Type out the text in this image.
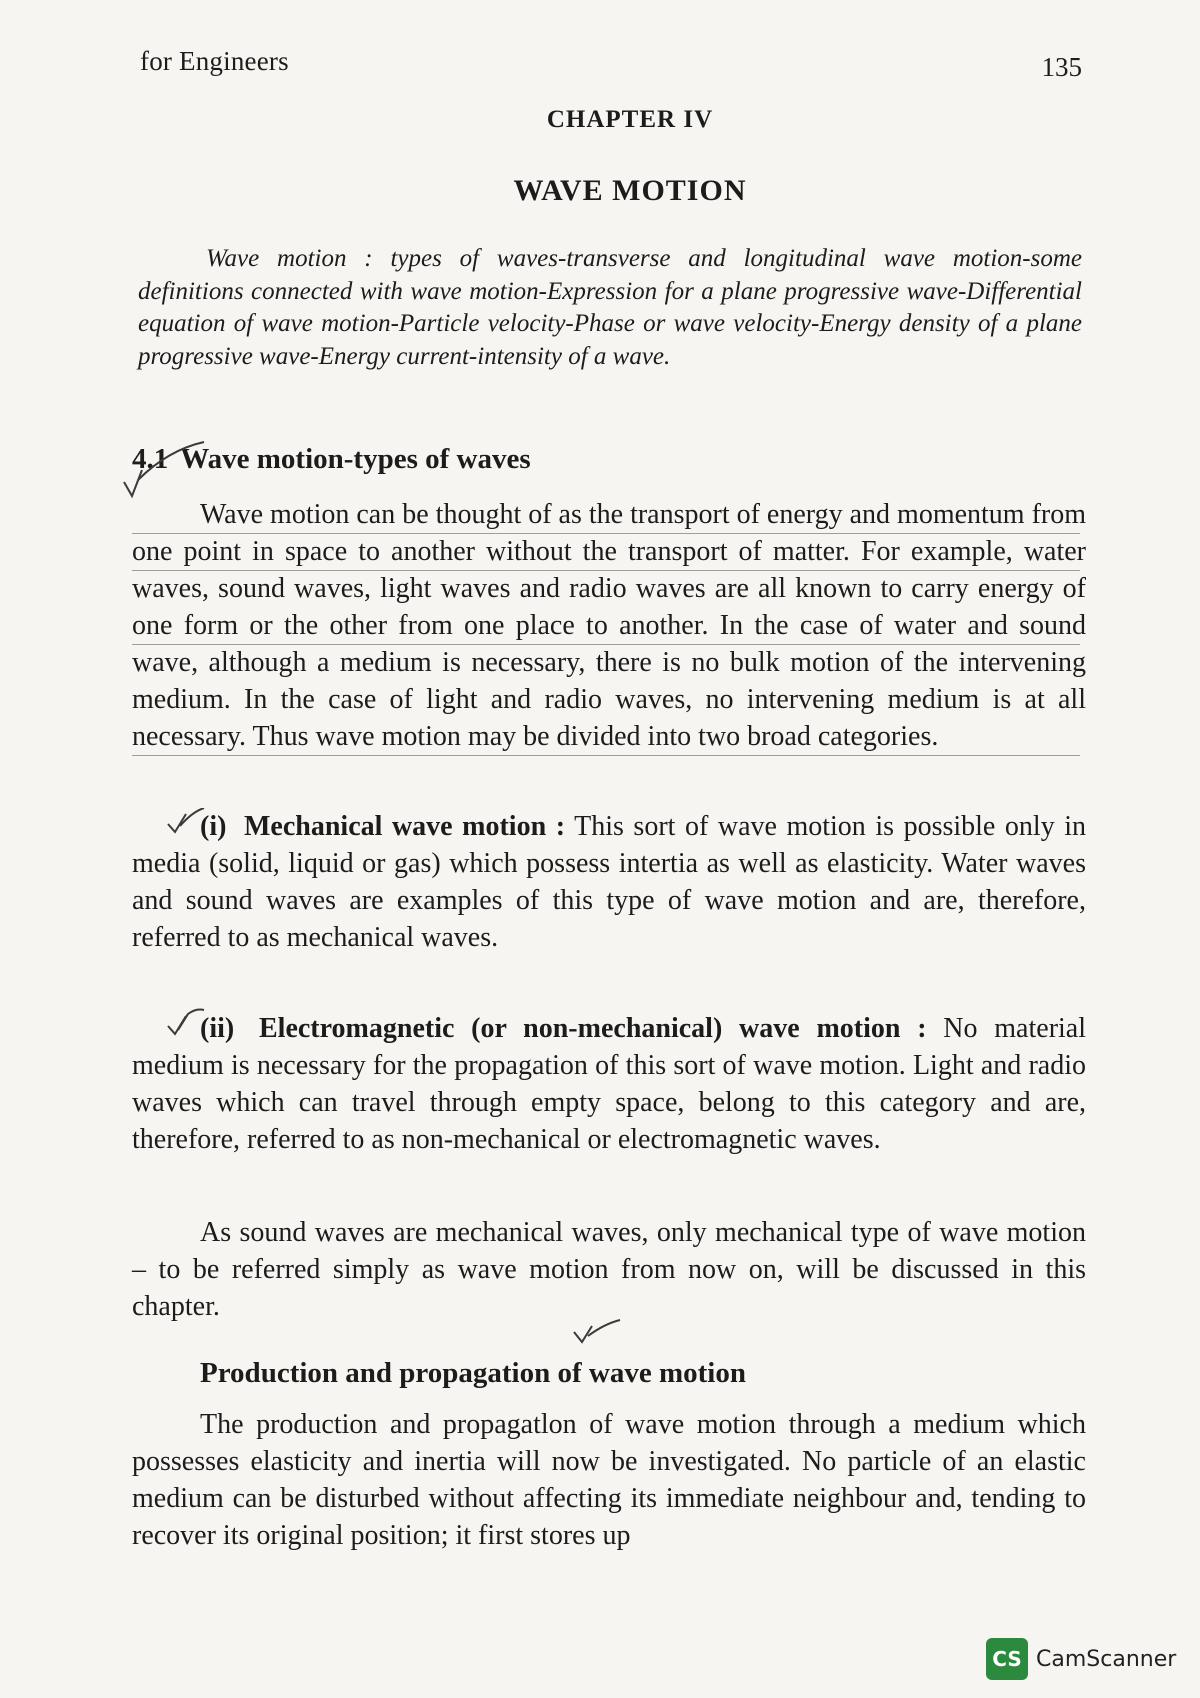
for Engineers	135
CHAPTER IV
WAVE MOTION

Wave motion : types of waves-transverse and longitudinal wave motion-some definitions connected with wave motion-Expression for a plane progressive wave-Differential equation of wave motion-Particle velocity-Phase or wave velocity-Energy density of a plane progressive wave-Energy current-intensity of a wave.

4.1 Wave motion-types of waves

Wave motion can be thought of as the transport of energy and momentum from one point in space to another without the transport of matter. For example, water waves, sound waves, light waves and radio waves are all known to carry energy of one form or the other from one place to another. In the case of water and sound wave, although a medium is necessary, there is no bulk motion of the intervening medium. In the case of light and radio waves, no intervening medium is at all necessary. Thus wave motion may be divided into two broad categories.

(i) Mechanical wave motion : This sort of wave motion is possible only in media (solid, liquid or gas) which possess intertia as well as elasticity. Water waves and sound waves are examples of this type of wave motion and are, therefore, referred to as mechanical waves.

(ii) Electromagnetic (or non-mechanical) wave motion : No material medium is necessary for the propagation of this sort of wave motion. Light and radio waves which can travel through empty space, belong to this category and are, therefore, referred to as non-mechanical or electromagnetic waves.

As sound waves are mechanical waves, only mechanical type of wave motion – to be referred simply as wave motion from now on, will be discussed in this chapter.

Production and propagation of wave motion

The production and propagatlon of wave motion through a medium which possesses elasticity and inertia will now be investigated. No particle of an elastic medium can be disturbed without affecting its immediate neighbour and, tending to recover its original position; it first stores up

CS CamScanner
